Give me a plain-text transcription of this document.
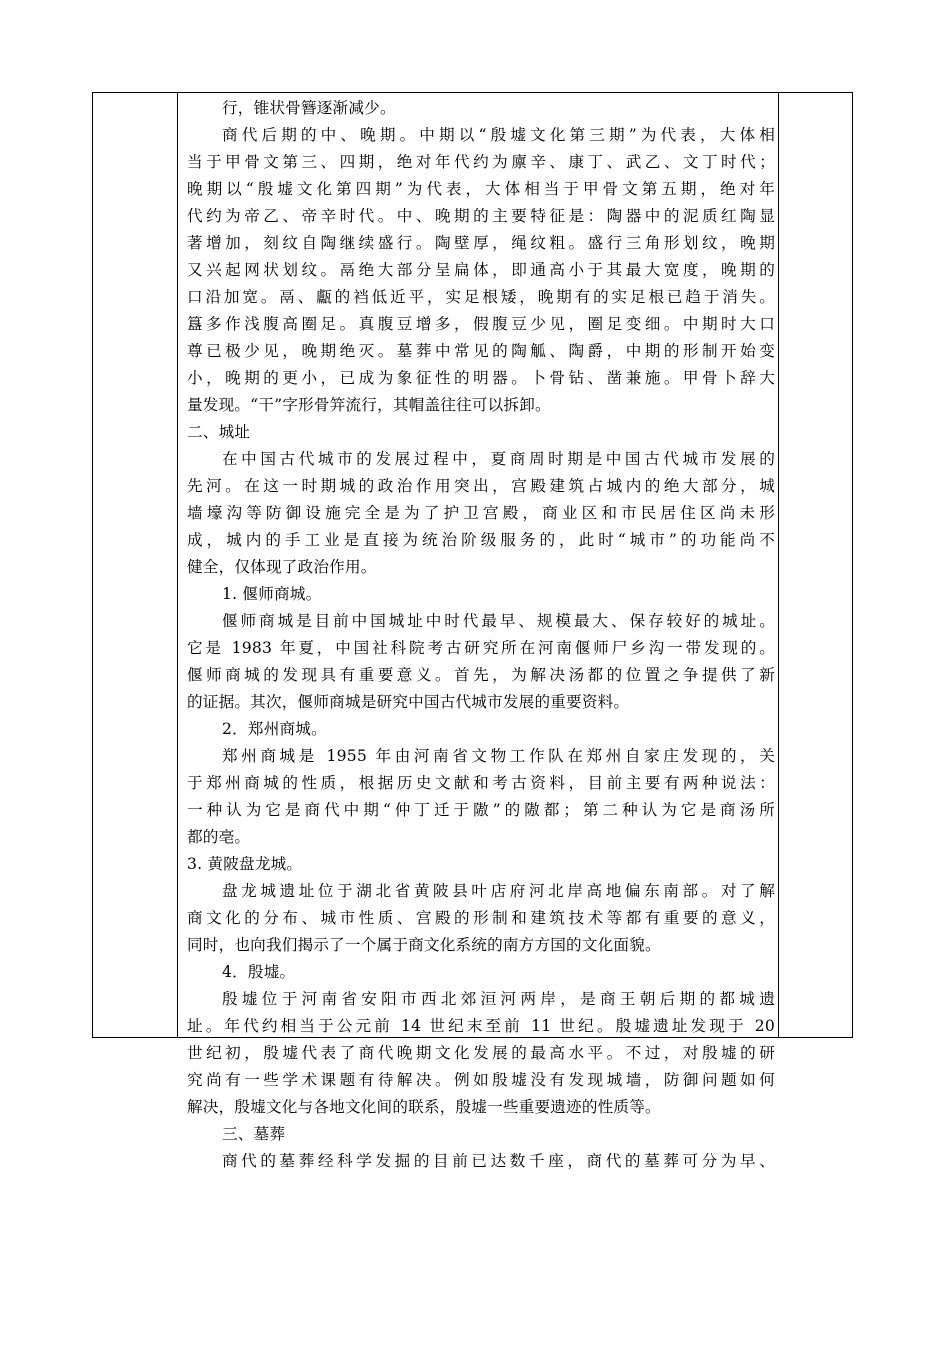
行，锥状骨簪逐渐减少。
商代后期的中、晚期。中期以“殷墟文化第三期”为代表，大体相
当于甲骨文第三、四期，绝对年代约为廪辛、康丁、武乙、文丁时代；
晚期以“殷墟文化第四期”为代表，大体相当于甲骨文第五期，绝对年
代约为帝乙、帝辛时代。中、晚期的主要特征是：陶器中的泥质红陶显
著增加，刻纹自陶继续盛行。陶壁厚，绳纹粗。盛行三角形划纹，晚期
又兴起网状划纹。鬲绝大部分呈扁体，即通高小于其最大宽度，晚期的
口沿加宽。鬲、甗的裆低近平，实足根矮，晚期有的实足根已趋于消失。
簋多作浅腹高圈足。真腹豆增多，假腹豆少见，圈足变细。中期时大口
尊已极少见，晚期绝灭。墓葬中常见的陶觚、陶爵，中期的形制开始变
小，晚期的更小，已成为象征性的明器。卜骨钻、凿兼施。甲骨卜辞大
量发现。“干”字形骨笄流行，其帽盖往往可以拆卸。
二、城址
在中国古代城市的发展过程中，夏商周时期是中国古代城市发展的
先河。在这一时期城的政治作用突出，宫殿建筑占城内的绝大部分，城
墙壕沟等防御设施完全是为了护卫宫殿，商业区和市民居住区尚未形
成，城内的手工业是直接为统治阶级服务的，此时“城市”的功能尚不
健全，仅体现了政治作用。
1. 偃师商城。
偃师商城是目前中国城址中时代最早、规模最大、保存较好的城址。
它是 1983 年夏，中国社科院考古研究所在河南偃师尸乡沟一带发现的。
偃师商城的发现具有重要意义。首先，为解决汤都的位置之争提供了新
的证据。其次，偃师商城是研究中国古代城市发展的重要资料。
2．郑州商城。
郑州商城是 1955 年由河南省文物工作队在郑州自家庄发现的，关
于郑州商城的性质，根据历史文献和考古资料，目前主要有两种说法：
一种认为它是商代中期“仲丁迁于隞”的隞都；第二种认为它是商汤所
都的亳。
3. 黄陂盘龙城。
盘龙城遗址位于湖北省黄陂县叶店府河北岸高地偏东南部。对了解
商文化的分布、城市性质、宫殿的形制和建筑技术等都有重要的意义，
同时，也向我们揭示了一个属于商文化系统的南方方国的文化面貌。
4．殷墟。
殷墟位于河南省安阳市西北郊洹河两岸，是商王朝后期的都城遗
址。年代约相当于公元前 14 世纪末至前 11 世纪。殷墟遗址发现于 20
世纪初，殷墟代表了商代晚期文化发展的最高水平。不过，对殷墟的研
究尚有一些学术课题有待解决。例如殷墟没有发现城墙，防御问题如何
解决，殷墟文化与各地文化间的联系，殷墟一些重要遗迹的性质等。
三、墓葬
商代的墓葬经科学发掘的目前已达数千座，商代的墓葬可分为早、
